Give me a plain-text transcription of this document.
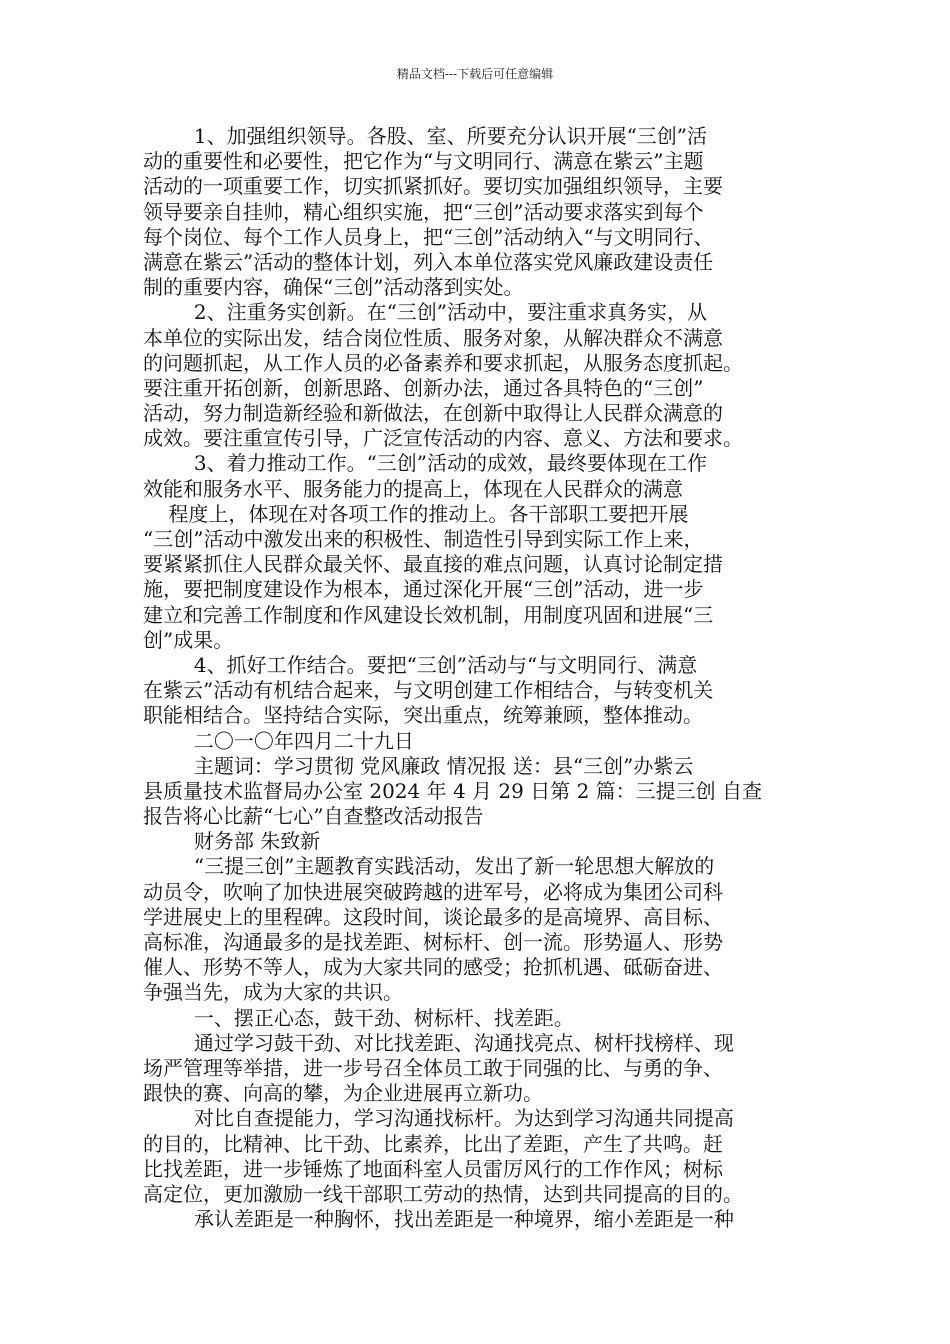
精品文档---下载后可任意编辑
1、加强组织领导。各股、室、所要充分认识开展“三创”活
动的重要性和必要性，把它作为“与文明同行、满意在紫云”主题
活动的一项重要工作，切实抓紧抓好。要切实加强组织领导，主要
领导要亲自挂帅，精心组织实施，把“三创”活动要求落实到每个
每个岗位、每个工作人员身上，把“三创”活动纳入“与文明同行、
满意在紫云”活动的整体计划，列入本单位落实党风廉政建设责任
制的重要内容，确保“三创”活动落到实处。
2、注重务实创新。在“三创”活动中，要注重求真务实，从
本单位的实际出发，结合岗位性质、服务对象，从解决群众不满意
的问题抓起，从工作人员的必备素养和要求抓起，从服务态度抓起。
要注重开拓创新，创新思路、创新办法，通过各具特色的“三创”
活动，努力制造新经验和新做法，在创新中取得让人民群众满意的
成效。要注重宣传引导，广泛宣传活动的内容、意义、方法和要求。
3、着力推动工作。“三创”活动的成效，最终要体现在工作
效能和服务水平、服务能力的提高上，体现在人民群众的满意
程度上，体现在对各项工作的推动上。各干部职工要把开展
“三创”活动中激发出来的积极性、制造性引导到实际工作上来，
要紧紧抓住人民群众最关怀、最直接的难点问题，认真讨论制定措
施，要把制度建设作为根本，通过深化开展“三创”活动，进一步
建立和完善工作制度和作风建设长效机制，用制度巩固和进展“三
创”成果。
4、抓好工作结合。要把“三创”活动与“与文明同行、满意
在紫云”活动有机结合起来，与文明创建工作相结合，与转变机关
职能相结合。坚持结合实际，突出重点，统筹兼顾，整体推动。
二〇一〇年四月二十九日
主题词：学习贯彻 党风廉政 情况报 送：县“三创”办紫云
县质量技术监督局办公室 2024 年 4 月 29 日第 2 篇：三提三创 自查
报告将心比薪“七心”自查整改活动报告
财务部 朱致新
“三提三创”主题教育实践活动，发出了新一轮思想大解放的
动员令，吹响了加快进展突破跨越的进军号，必将成为集团公司科
学进展史上的里程碑。这段时间，谈论最多的是高境界、高目标、
高标准，沟通最多的是找差距、树标杆、创一流。形势逼人、形势
催人、形势不等人，成为大家共同的感受；抢抓机遇、砥砺奋进、
争强当先，成为大家的共识。
一、摆正心态，鼓干劲、树标杆、找差距。
通过学习鼓干劲、对比找差距、沟通找亮点、树杆找榜样、现
场严管理等举措，进一步号召全体员工敢于同强的比、与勇的争、
跟快的赛、向高的攀，为企业进展再立新功。
对比自查提能力，学习沟通找标杆。为达到学习沟通共同提高
的目的，比精神、比干劲、比素养，比出了差距，产生了共鸣。赶
比找差距，进一步锤炼了地面科室人员雷厉风行的工作作风；树标
高定位，更加激励一线干部职工劳动的热情，达到共同提高的目的。
承认差距是一种胸怀，找出差距是一种境界，缩小差距是一种
